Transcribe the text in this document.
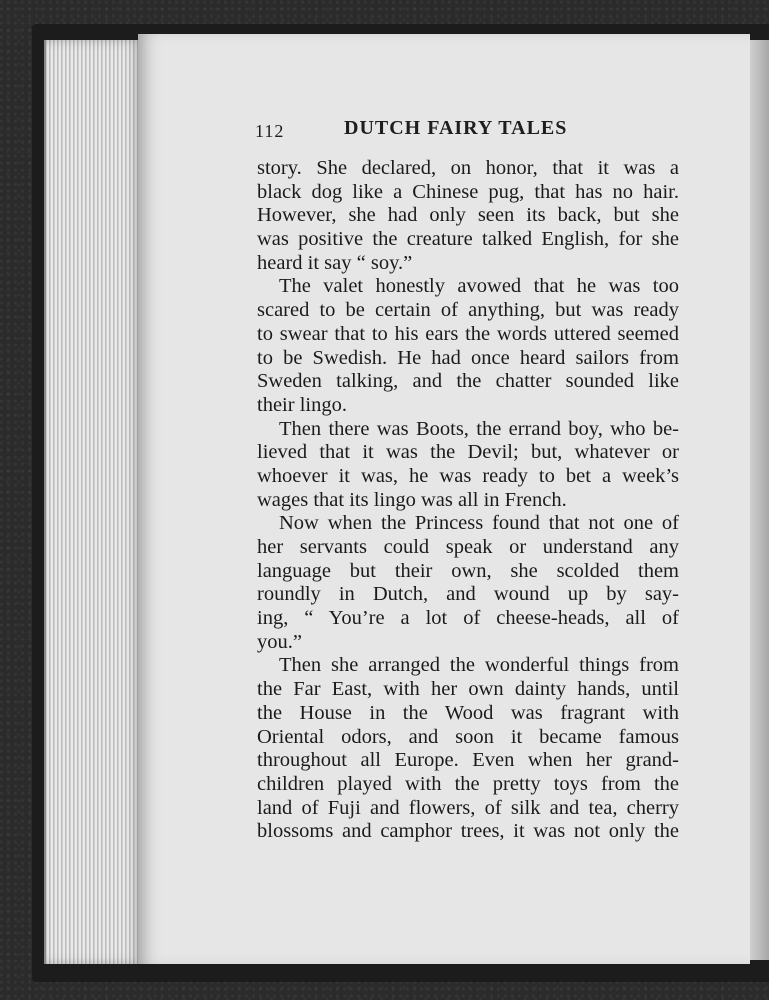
112	DUTCH FAIRY TALES
story. She declared, on honor, that it was a
black dog like a Chinese pug, that has no hair.
However, she had only seen its back, but she
was positive the creature talked English, for she
heard it say “ soy.”
The valet honestly avowed that he was too
scared to be certain of anything, but was ready
to swear that to his ears the words uttered seemed
to be Swedish. He had once heard sailors from
Sweden talking, and the chatter sounded like
their lingo.
Then there was Boots, the errand boy, who be-
lieved that it was the Devil; but, whatever or
whoever it was, he was ready to bet a week’s
wages that its lingo was all in French.
Now when the Princess found that not one of
her servants could speak or understand any
language but their own, she scolded them
roundly in Dutch, and wound up by say-
ing, “ You’re a lot of cheese-heads, all of
you.”
Then she arranged the wonderful things from
the Far East, with her own dainty hands, until
the House in the Wood was fragrant with
Oriental odors, and soon it became famous
throughout all Europe. Even when her grand-
children played with the pretty toys from the
land of Fuji and flowers, of silk and tea, cherry
blossoms and camphor trees, it was not only the
